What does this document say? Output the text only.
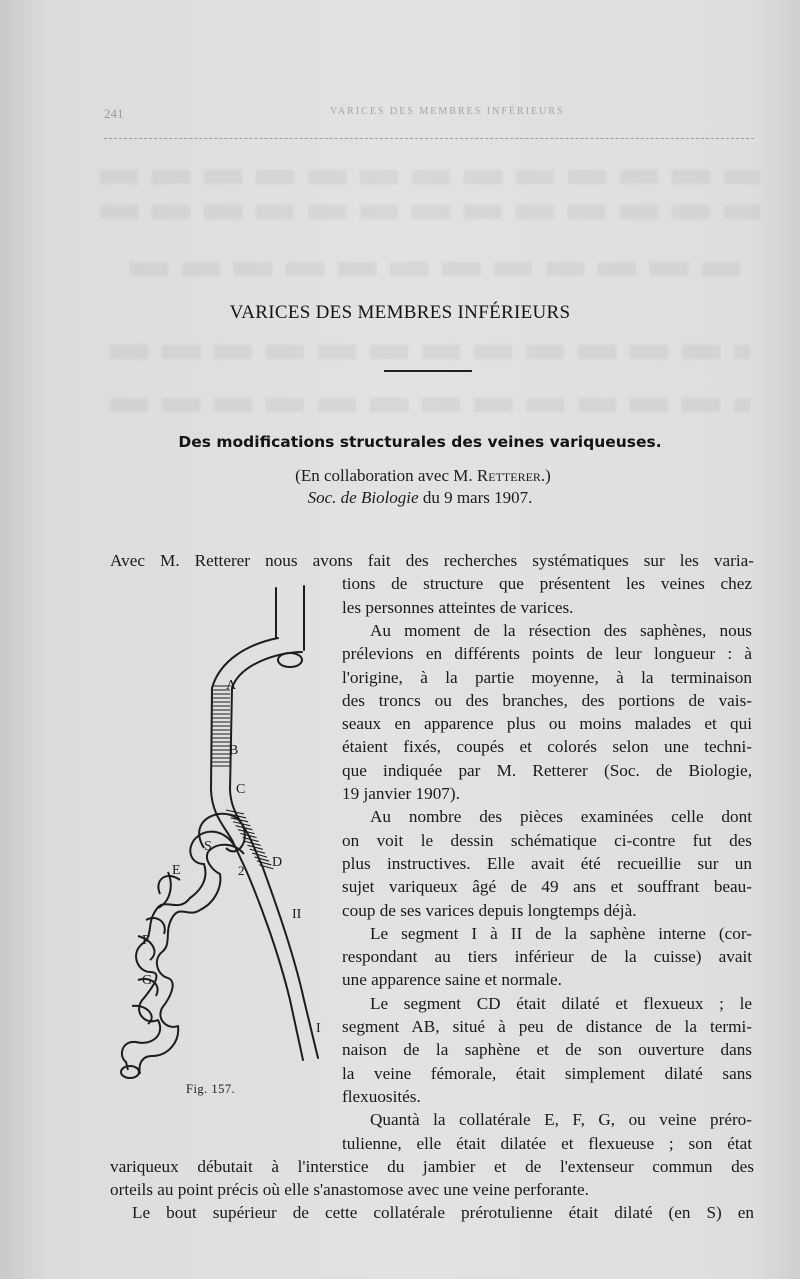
241	VARICES DES MEMBRES INFÉRIEURS
VARICES DES MEMBRES INFÉRIEURS
Des modifications structurales des veines variqueuses.
(En collaboration avec M. Retterer.)
Soc. de Biologie du 9 mars 1907.
Avec M. Retterer nous avons fait des recherches systématiques sur les varia-
tions de structure que présentent les veines chez
les personnes atteintes de varices.
Au moment de la résection des saphènes, nous
prélevions en différents points de leur longueur : à
l'origine, à la partie moyenne, à la terminaison
des troncs ou des branches, des portions de vais-
seaux en apparence plus ou moins malades et qui
étaient fixés, coupés et colorés selon une techni-
que indiquée par M. Retterer (Soc. de Biologie,
19 janvier 1907).
Au nombre des pièces examinées celle dont
on voit le dessin schématique ci-contre fut des
plus instructives. Elle avait été recueillie sur un
sujet variqueux âgé de 49 ans et souffrant beau-
coup de ses varices depuis longtemps déjà.
Le segment I à II de la saphène interne (cor-
respondant au tiers inférieur de la cuisse) avait
une apparence saine et normale.
Le segment CD était dilaté et flexueux ; le
segment AB, situé à peu de distance de la termi-
naison de la saphène et de son ouverture dans
la veine fémorale, était simplement dilaté sans
flexuosités.
Quantà la collatérale E, F, G, ou veine préro-
tulienne, elle était dilatée et flexueuse ; son état
variqueux débutait à l'interstice du jambier et de l'extenseur commun des
orteils au point précis où elle s'anastomose avec une veine perforante.
Le bout supérieur de cette collatérale prérotulienne était dilaté (en S) en
A
B
C
D
S
2
E
F
G
II
I
Fig. 157.
